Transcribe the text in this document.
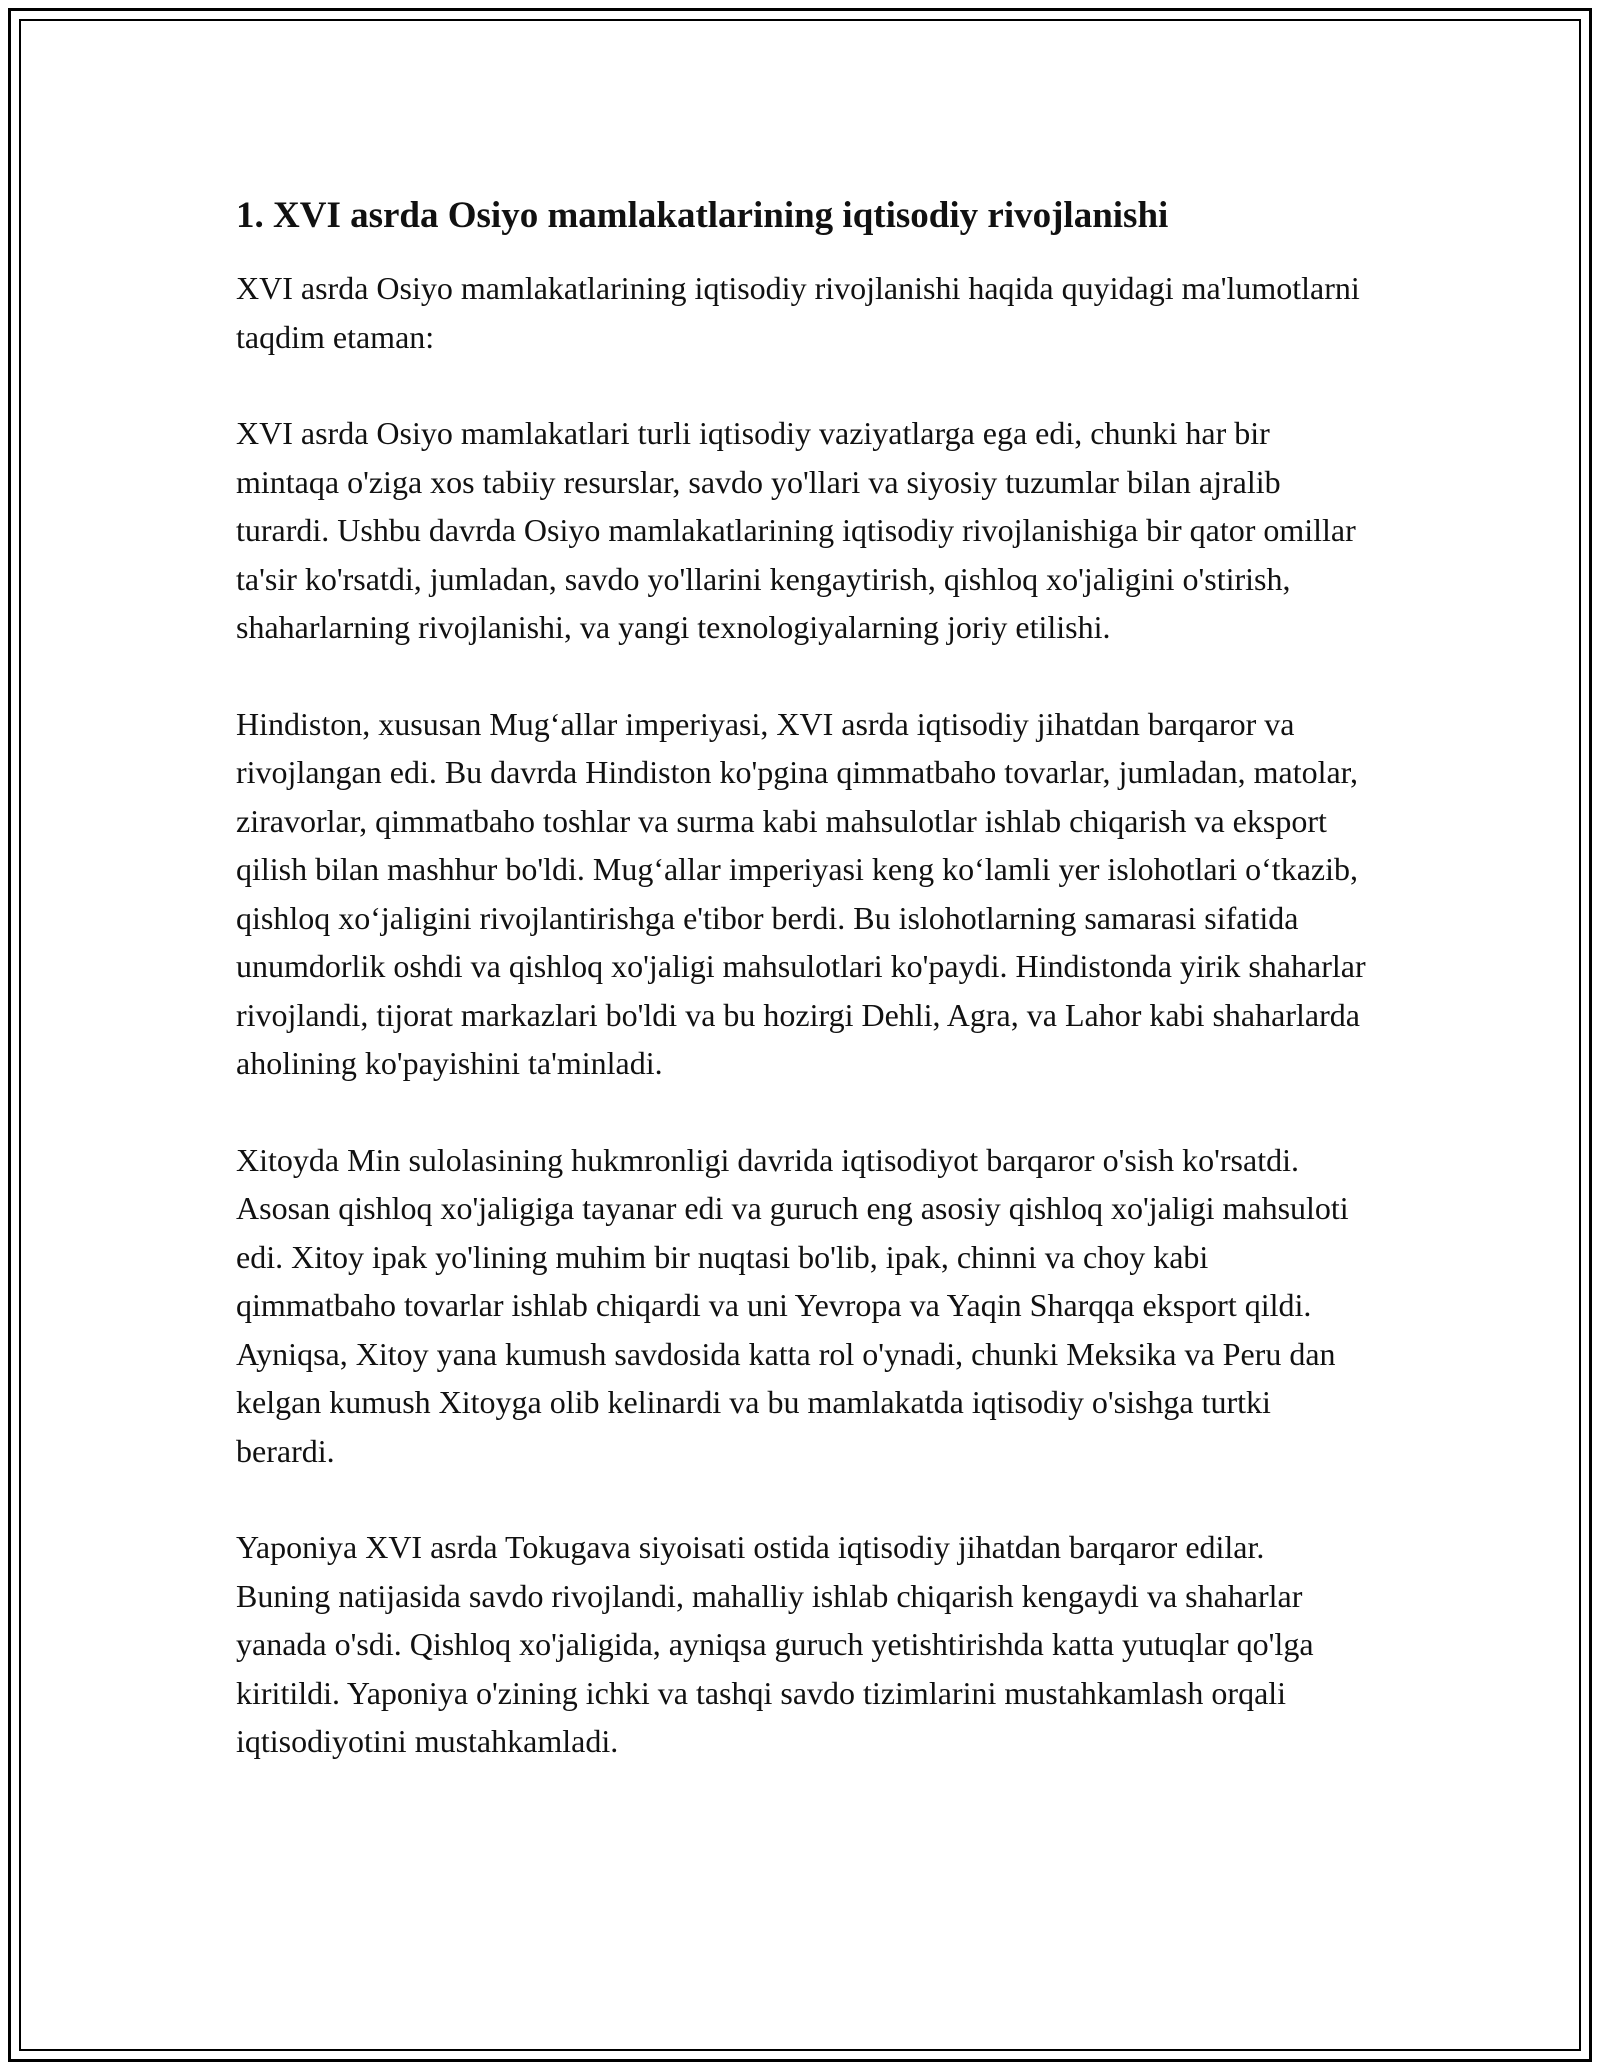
1. XVI asrda Osiyo mamlakatlarining iqtisodiy rivojlanishi

XVI asrda Osiyo mamlakatlarining iqtisodiy rivojlanishi haqida quyidagi ma'lumotlarni taqdim etaman:

XVI asrda Osiyo mamlakatlari turli iqtisodiy vaziyatlarga ega edi, chunki har bir mintaqa o'ziga xos tabiiy resurslar, savdo yo'llari va siyosiy tuzumlar bilan ajralib turardi. Ushbu davrda Osiyo mamlakatlarining iqtisodiy rivojlanishiga bir qator omillar ta'sir ko'rsatdi, jumladan, savdo yo'llarini kengaytirish, qishloq xo'jaligini o'stirish, shaharlarning rivojlanishi, va yangi texnologiyalarning joriy etilishi.

Hindiston, xususan Mug‘allar imperiyasi, XVI asrda iqtisodiy jihatdan barqaror va rivojlangan edi. Bu davrda Hindiston ko'pgina qimmatbaho tovarlar, jumladan, matolar, ziravorlar, qimmatbaho toshlar va surma kabi mahsulotlar ishlab chiqarish va eksport qilish bilan mashhur bo'ldi. Mug‘allar imperiyasi keng ko‘lamli yer islohotlari o‘tkazib, qishloq xo‘jaligini rivojlantirishga e'tibor berdi. Bu islohotlarning samarasi sifatida unumdorlik oshdi va qishloq xo'jaligi mahsulotlari ko'paydi. Hindistonda yirik shaharlar rivojlandi, tijorat markazlari bo'ldi va bu hozirgi Dehli, Agra, va Lahor kabi shaharlarda aholining ko'payishini ta'minladi.

Xitoyda Min sulolasining hukmronligi davrida iqtisodiyot barqaror o'sish ko'rsatdi. Asosan qishloq xo'jaligiga tayanar edi va guruch eng asosiy qishloq xo'jaligi mahsuloti edi. Xitoy ipak yo'lining muhim bir nuqtasi bo'lib, ipak, chinni va choy kabi qimmatbaho tovarlar ishlab chiqardi va uni Yevropa va Yaqin Sharqqa eksport qildi. Ayniqsa, Xitoy yana kumush savdosida katta rol o'ynadi, chunki Meksika va Peru dan kelgan kumush Xitoyga olib kelinardi va bu mamlakatda iqtisodiy o'sishga turtki berardi.

Yaponiya XVI asrda Tokugava siyoisati ostida iqtisodiy jihatdan barqaror edilar. Buning natijasida savdo rivojlandi, mahalliy ishlab chiqarish kengaydi va shaharlar yanada o'sdi. Qishloq xo'jaligida, ayniqsa guruch yetishtirishda katta yutuqlar qo'lga kiritildi. Yaponiya o'zining ichki va tashqi savdo tizimlarini mustahkamlash orqali iqtisodiyotini mustahkamladi.
